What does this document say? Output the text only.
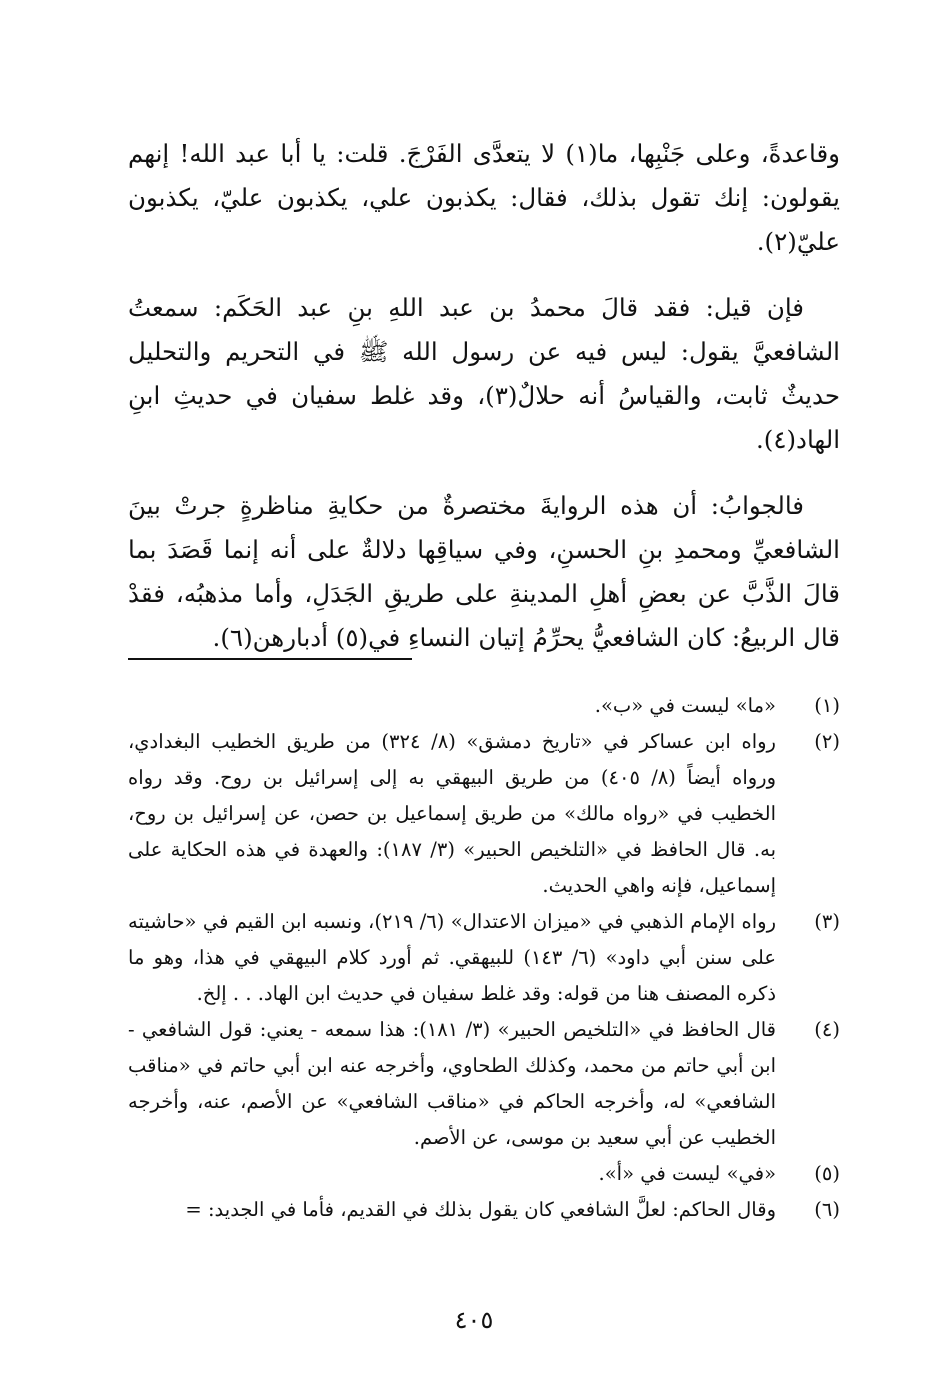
وقاعدةً، وعلى جَنْبِها، ما(١) لا يتعدَّى الفَرْجَ. قلت: يا أبا عبد الله! إنهم يقولون: إنك تقول بذلك، فقال: يكذبون علي، يكذبون عليّ، يكذبون عليّ(٢).

فإن قيل: فقد قالَ محمدُ بن عبد اللهِ بنِ عبد الحَكَم: سمعتُ الشافعيَّ يقول: ليس فيه عن رسول الله ﷺ في التحريم والتحليل حديثٌ ثابت، والقياسُ أنه حلالٌ(٣)، وقد غلط سفيان في حديثِ ابنِ الهاد(٤).

فالجوابُ: أن هذه الروايةَ مختصرةٌ من حكايةِ مناظرةٍ جرتْ بينَ الشافعيِّ ومحمدِ بنِ الحسنِ، وفي سياقِها دلالةٌ على أنه إنما قَصَدَ بما قالَ الذَّبَّ عن بعضِ أهلِ المدينةِ على طريقِ الجَدَلِ، وأما مذهبُه، فقدْ قال الربيعُ: كان الشافعيُّ يحرِّمُ إتيان النساءِ في(٥) أدبارهن(٦).

(١)
«ما» ليست في «ب».
(٢)
رواه ابن عساكر في «تاريخ دمشق» (٨/ ٣٢٤) من طريق الخطيب البغدادي، ورواه أيضاً (٨/ ٤٠٥) من طريق البيهقي به إلى إسرائيل بن روح. وقد رواه الخطيب في «رواه مالك» من طريق إسماعيل بن حصن، عن إسرائيل بن روح، به. قال الحافظ في «التلخيص الحبير» (٣/ ١٨٧): والعهدة في هذه الحكاية على إسماعيل، فإنه واهي الحديث.
(٣)
رواه الإمام الذهبي في «ميزان الاعتدال» (٦/ ٢١٩)، ونسبه ابن القيم في «حاشيته على سنن أبي داود» (٦/ ١٤٣) للبيهقي. ثم أورد كلام البيهقي في هذا، وهو ما ذكره المصنف هنا من قوله: وقد غلط سفيان في حديث ابن الهاد. . . إلخ.
(٤)
قال الحافظ في «التلخيص الحبير» (٣/ ١٨١): هذا سمعه - يعني: قول الشافعي - ابن أبي حاتم من محمد، وكذلك الطحاوي، وأخرجه عنه ابن أبي حاتم في «مناقب الشافعي» له، وأخرجه الحاكم في «مناقب الشافعي» عن الأصم، عنه، وأخرجه الخطيب عن أبي سعيد بن موسى، عن الأصم.
(٥)
«في» ليست في «أ».
(٦)
وقال الحاكم: لعلَّ الشافعي كان يقول بذلك في القديم، فأما في الجديد: =
٤٠٥
